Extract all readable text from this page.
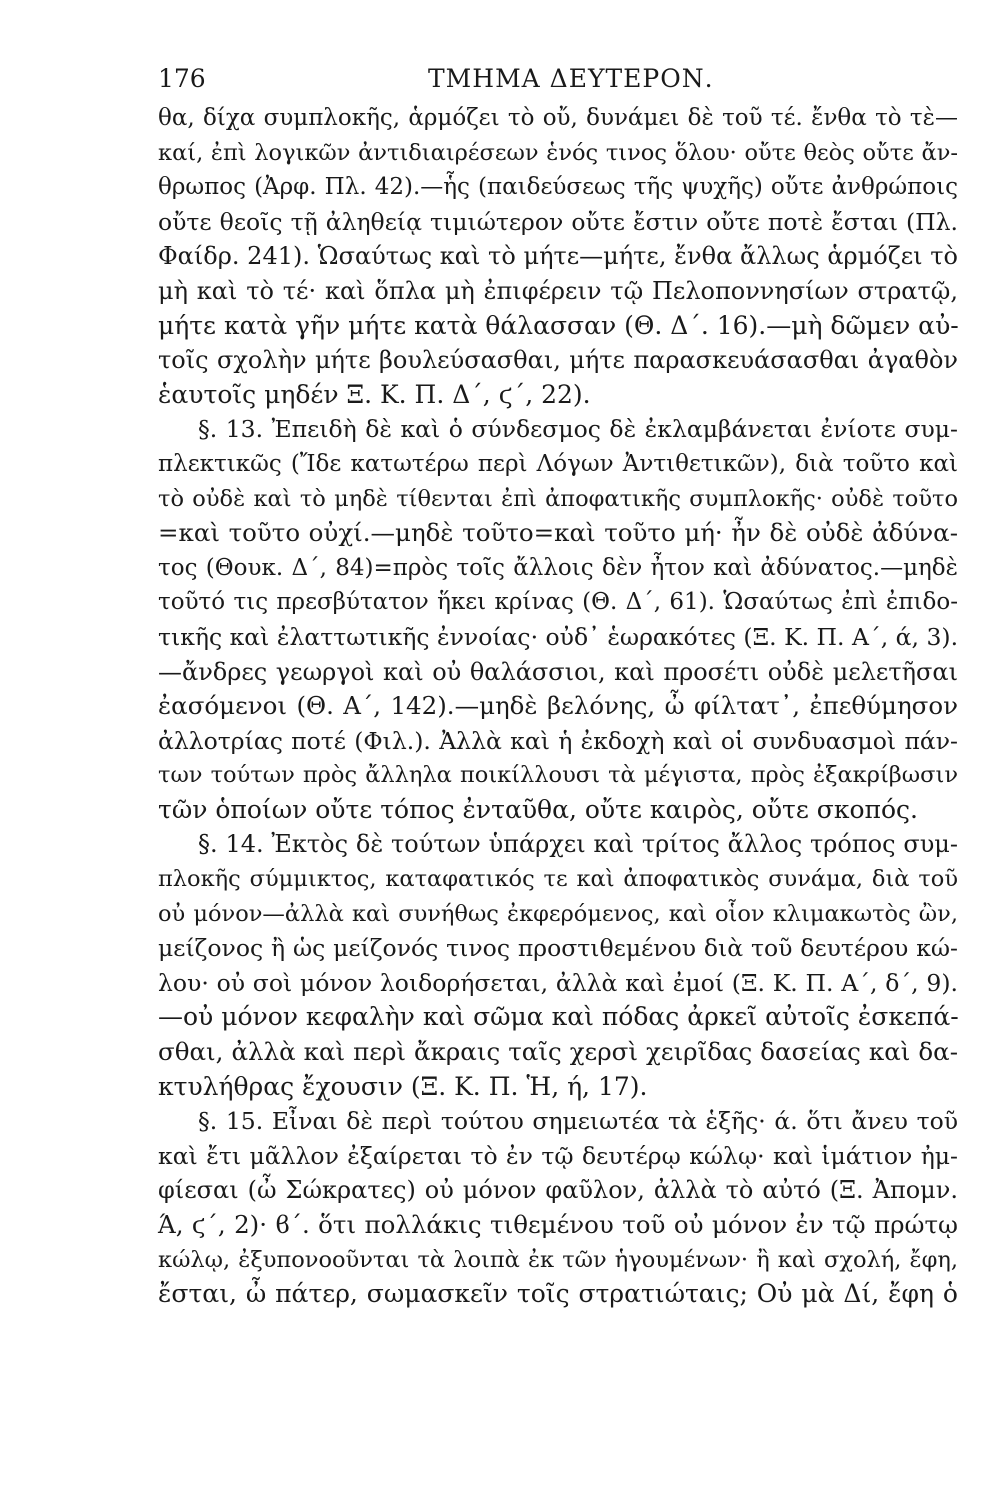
176	ΤΜΗΜΑ ΔΕΥΤΕΡΟΝ.
θα, δίχα συμπλοκῆς, ἁρμόζει τὸ οὔ, δυνάμει δὲ τοῦ τέ. ἔνθα τὸ τὲ—
καί, ἐπὶ λογικῶν ἀντιδιαιρέσεων ἑνός τινος ὅλου· οὔτε θεὸς οὔτε ἄν-
θρωπος (Ἀρφ. Πλ. 42).—ἧς (παιδεύσεως τῆς ψυχῆς) οὔτε ἀνθρώποις
οὔτε θεοῖς τῇ ἀληθείᾳ τιμιώτερον οὔτε ἔστιν οὔτε ποτὲ ἔσται (Πλ.
Φαίδρ. 241). Ὡσαύτως καὶ τὸ μήτε—μήτε, ἔνθα ἄλλως ἁρμόζει τὸ
μὴ καὶ τὸ τέ· καὶ ὅπλα μὴ ἐπιφέρειν τῷ Πελοποννησίων στρατῷ,
μήτε κατὰ γῆν μήτε κατὰ θάλασσαν (Θ. Δ΄. 16).—μὴ δῶμεν αὐ-
τοῖς σχολὴν μήτε βουλεύσασθαι, μήτε παρασκευάσασθαι ἀγαθὸν
ἑαυτοῖς μηδέν Ξ. Κ. Π. Δ΄, ϛ΄, 22).
§. 13. Ἐπειδὴ δὲ καὶ ὁ σύνδεσμος δὲ ἐκλαμβάνεται ἐνίοτε συμ-
πλεκτικῶς (Ἴδε κατωτέρω περὶ Λόγων Ἀντιθετικῶν), διὰ τοῦτο καὶ
τὸ οὐδὲ καὶ τὸ μηδὲ τίθενται ἐπὶ ἀποφατικῆς συμπλοκῆς· οὐδὲ τοῦτο
=καὶ τοῦτο οὐχί.—μηδὲ τοῦτο=καὶ τοῦτο μή· ἦν δὲ οὐδὲ ἀδύνα-
τος (Θουκ. Δ΄, 84)=πρὸς τοῖς ἄλλοις δὲν ἦτον καὶ ἀδύνατος.—μηδὲ
τοῦτό τις πρεσβύτατον ἥκει κρίνας (Θ. Δ΄, 61). Ὡσαύτως ἐπὶ ἐπιδο-
τικῆς καὶ ἐλαττωτικῆς ἐννοίας· οὐδ᾽ ἑωρακότες (Ξ. Κ. Π. Α΄, ά, 3).
—ἄνδρες γεωργοὶ καὶ οὐ θαλάσσιοι, καὶ προσέτι οὐδὲ μελετῆσαι
ἐασόμενοι (Θ. Α΄, 142).—μηδὲ βελόνης, ὦ φίλτατ᾽, ἐπεθύμησον
ἀλλοτρίας ποτέ (Φιλ.). Ἀλλὰ καὶ ἡ ἐκδοχὴ καὶ οἱ συνδυασμοὶ πάν-
των τούτων πρὸς ἄλληλα ποικίλλουσι τὰ μέγιστα, πρὸς ἐξακρίβωσιν
τῶν ὁποίων οὔτε τόπος ἐνταῦθα, οὔτε καιρὸς, οὔτε σκοπός.
§. 14. Ἐκτὸς δὲ τούτων ὑπάρχει καὶ τρίτος ἄλλος τρόπος συμ-
πλοκῆς σύμμικτος, καταφατικός τε καὶ ἀποφατικὸς συνάμα, διὰ τοῦ
οὐ μόνον—ἀλλὰ καὶ συνήθως ἐκφερόμενος, καὶ οἷον κλιμακωτὸς ὢν,
μείζονος ἢ ὡς μείζονός τινος προστιθεμένου διὰ τοῦ δευτέρου κώ-
λου· οὐ σοὶ μόνον λοιδορήσεται, ἀλλὰ καὶ ἐμοί (Ξ. Κ. Π. Α΄, δ΄, 9).
—οὐ μόνον κεφαλὴν καὶ σῶμα καὶ πόδας ἀρκεῖ αὐτοῖς ἐσκεπά-
σθαι, ἀλλὰ καὶ περὶ ἄκραις ταῖς χερσὶ χειρῖδας δασείας καὶ δα-
κτυλήθρας ἔχουσιν (Ξ. Κ. Π. Ἡ, ή, 17).
§. 15. Εἶναι δὲ περὶ τούτου σημειωτέα τὰ ἑξῆς· ά. ὅτι ἄνευ τοῦ
καὶ ἔτι μᾶλλον ἐξαίρεται τὸ ἐν τῷ δευτέρῳ κώλῳ· καὶ ἱμάτιον ἠμ-
φίεσαι (ὦ Σώκρατες) οὐ μόνον φαῦλον, ἀλλὰ τὸ αὐτό (Ξ. Ἀπομν.
Ά, ϛ΄, 2)· ϐ΄. ὅτι πολλάκις τιθεμένου τοῦ οὐ μόνον ἐν τῷ πρώτῳ
κώλῳ, ἐξυπονοοῦνται τὰ λοιπὰ ἐκ τῶν ἡγουμένων· ἢ καὶ σχολή, ἔφη,
ἔσται, ὦ πάτερ, σωμασκεῖν τοῖς στρατιώταις; Οὐ μὰ Δί, ἔφη ὁ
